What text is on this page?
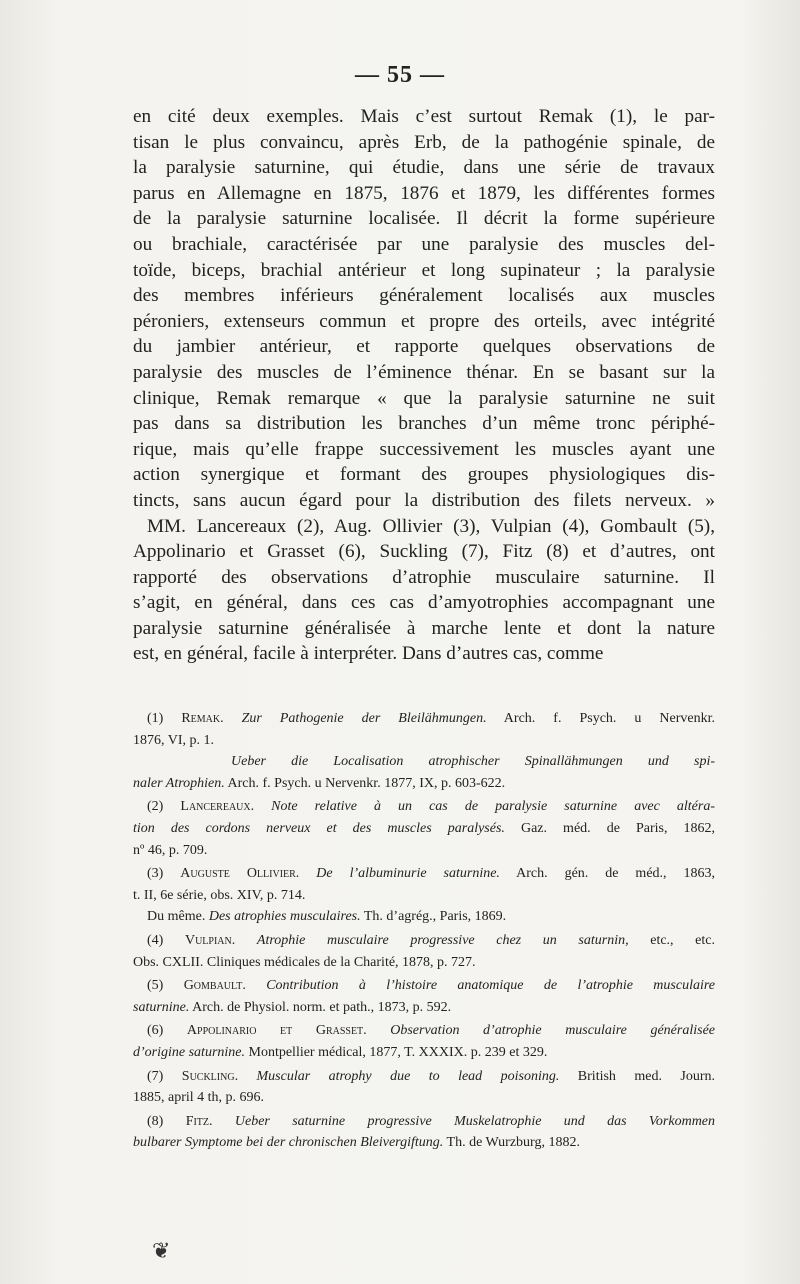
— 55 —
en cité deux exemples. Mais c’est surtout Remak (1), le par-
tisan le plus convaincu, après Erb, de la pathogénie spinale, de
la paralysie saturnine, qui étudie, dans une série de travaux
parus en Allemagne en 1875, 1876 et 1879, les différentes formes
de la paralysie saturnine localisée. Il décrit la forme supérieure
ou brachiale, caractérisée par une paralysie des muscles del-
toïde, biceps, brachial antérieur et long supinateur ; la paralysie
des membres inférieurs généralement localisés aux muscles
péroniers, extenseurs commun et propre des orteils, avec intégrité
du jambier antérieur, et rapporte quelques observations de
paralysie des muscles de l’éminence thénar. En se basant sur la
clinique, Remak remarque « que la paralysie saturnine ne suit
pas dans sa distribution les branches d’un même tronc périphé-
rique, mais qu’elle frappe successivement les muscles ayant une
action synergique et formant des groupes physiologiques dis-
tincts, sans aucun égard pour la distribution des filets nerveux. »
MM. Lancereaux (2), Aug. Ollivier (3), Vulpian (4), Gombault (5),
Appolinario et Grasset (6), Suckling (7), Fitz (8) et d’autres, ont
rapporté des observations d’atrophie musculaire saturnine. Il
s’agit, en général, dans ces cas d’amyotrophies accompagnant une
paralysie saturnine généralisée à marche lente et dont la nature
est, en général, facile à interpréter. Dans d’autres cas, comme
(1) Remak. Zur Pathogenie der Bleilähmungen. Arch. f. Psych. u Nervenkr.
1876, VI, p. 1.
Ueber die Localisation atrophischer Spinallähmungen und spi-
naler Atrophien. Arch. f. Psych. u Nervenkr. 1877, IX, p. 603-622.
(2) Lancereaux. Note relative à un cas de paralysie saturnine avec altéra-
tion des cordons nerveux et des muscles paralysés. Gaz. méd. de Paris, 1862,
nº 46, p. 709.
(3) Auguste Ollivier. De l’albuminurie saturnine. Arch. gén. de méd., 1863,
t. II, 6e série, obs. XIV, p. 714.
Du même. Des atrophies musculaires. Th. d’agrég., Paris, 1869.
(4) Vulpian. Atrophie musculaire progressive chez un saturnin, etc., etc.
Obs. CXLII. Cliniques médicales de la Charité, 1878, p. 727.
(5) Gombault. Contribution à l’histoire anatomique de l’atrophie musculaire
saturnine. Arch. de Physiol. norm. et path., 1873, p. 592.
(6) Appolinario et Grasset. Observation d’atrophie musculaire généralisée
d’origine saturnine. Montpellier médical, 1877, T. XXXIX. p. 239 et 329.
(7) Suckling. Muscular atrophy due to lead poisoning. British med. Journ.
1885, april 4 th, p. 696.
(8) Fitz. Ueber saturnine progressive Muskelatrophie und das Vorkommen
bulbarer Symptome bei der chronischen Bleivergiftung. Th. de Wurzburg, 1882.
❦
